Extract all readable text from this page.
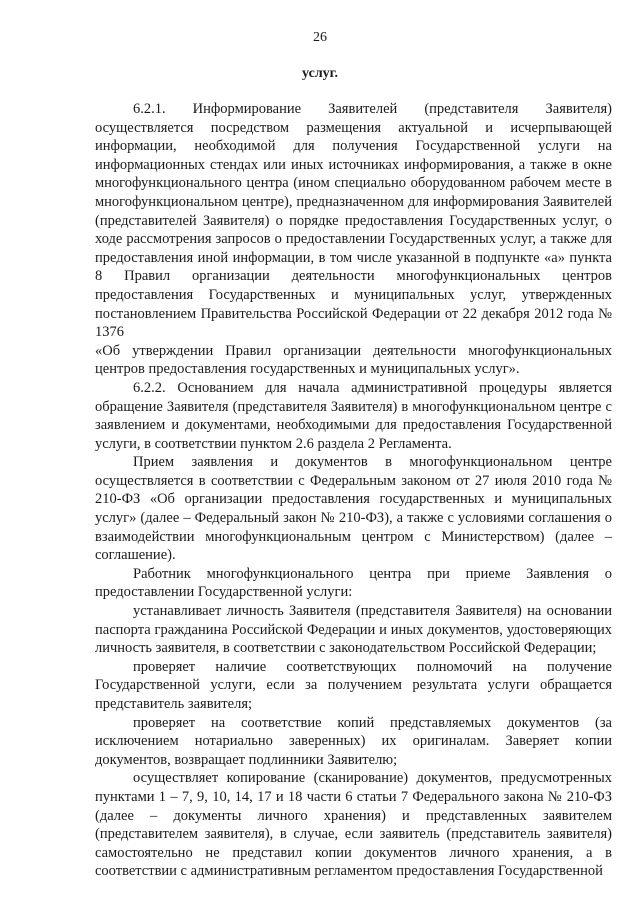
26
услуг.

6.2.1. Информирование Заявителей (представителя Заявителя) осуществляется посредством размещения актуальной и исчерпывающей информации, необходимой для получения Государственной услуги на информационных стендах или иных источниках информирования, а также в окне многофункционального центра (ином специально оборудованном рабочем месте в многофункциональном центре), предназначенном для информирования Заявителей (представителей Заявителя) о порядке предоставления Государственных услуг, о ходе рассмотрения запросов о предоставлении Государственных услуг, а также для предоставления иной информации, в том числе указанной в подпункте «а» пункта 8 Правил организации деятельности многофункциональных центров предоставления Государственных и муниципальных услуг, утвержденных постановлением Правительства Российской Федерации от 22 декабря 2012 года № 1376

«Об утверждении Правил организации деятельности многофункциональных центров предоставления государственных и муниципальных услуг».

6.2.2. Основанием для начала административной процедуры является обращение Заявителя (представителя Заявителя) в многофункциональном центре с заявлением и документами, необходимыми для предоставления Государственной услуги, в соответствии пунктом 2.6 раздела 2 Регламента.

Прием заявления и документов в многофункциональном центре осуществляется в соответствии с Федеральным законом от 27 июля 2010 года № 210-ФЗ «Об организации предоставления государственных и муниципальных услуг» (далее – Федеральный закон № 210-ФЗ), а также с условиями соглашения о взаимодействии многофункциональным центром с Министерством) (далее – соглашение).

Работник многофункционального центра при приеме Заявления о предоставлении Государственной услуги:

устанавливает личность Заявителя (представителя Заявителя) на основании паспорта гражданина Российской Федерации и иных документов, удостоверяющих личность заявителя, в соответствии с законодательством Российской Федерации;

проверяет наличие соответствующих полномочий на получение Государственной услуги, если за получением результата услуги обращается представитель заявителя;

проверяет на соответствие копий представляемых документов (за исключением нотариально заверенных) их оригиналам. Заверяет копии документов, возвращает подлинники Заявителю;

осуществляет копирование (сканирование) документов, предусмотренных пунктами 1 – 7, 9, 10, 14, 17 и 18 части 6 статьи 7 Федерального закона № 210-ФЗ (далее – документы личного хранения) и представленных заявителем (представителем заявителя), в случае, если заявитель (представитель заявителя) самостоятельно не представил копии документов личного хранения, а в соответствии с административным регламентом предоставления Государственной
